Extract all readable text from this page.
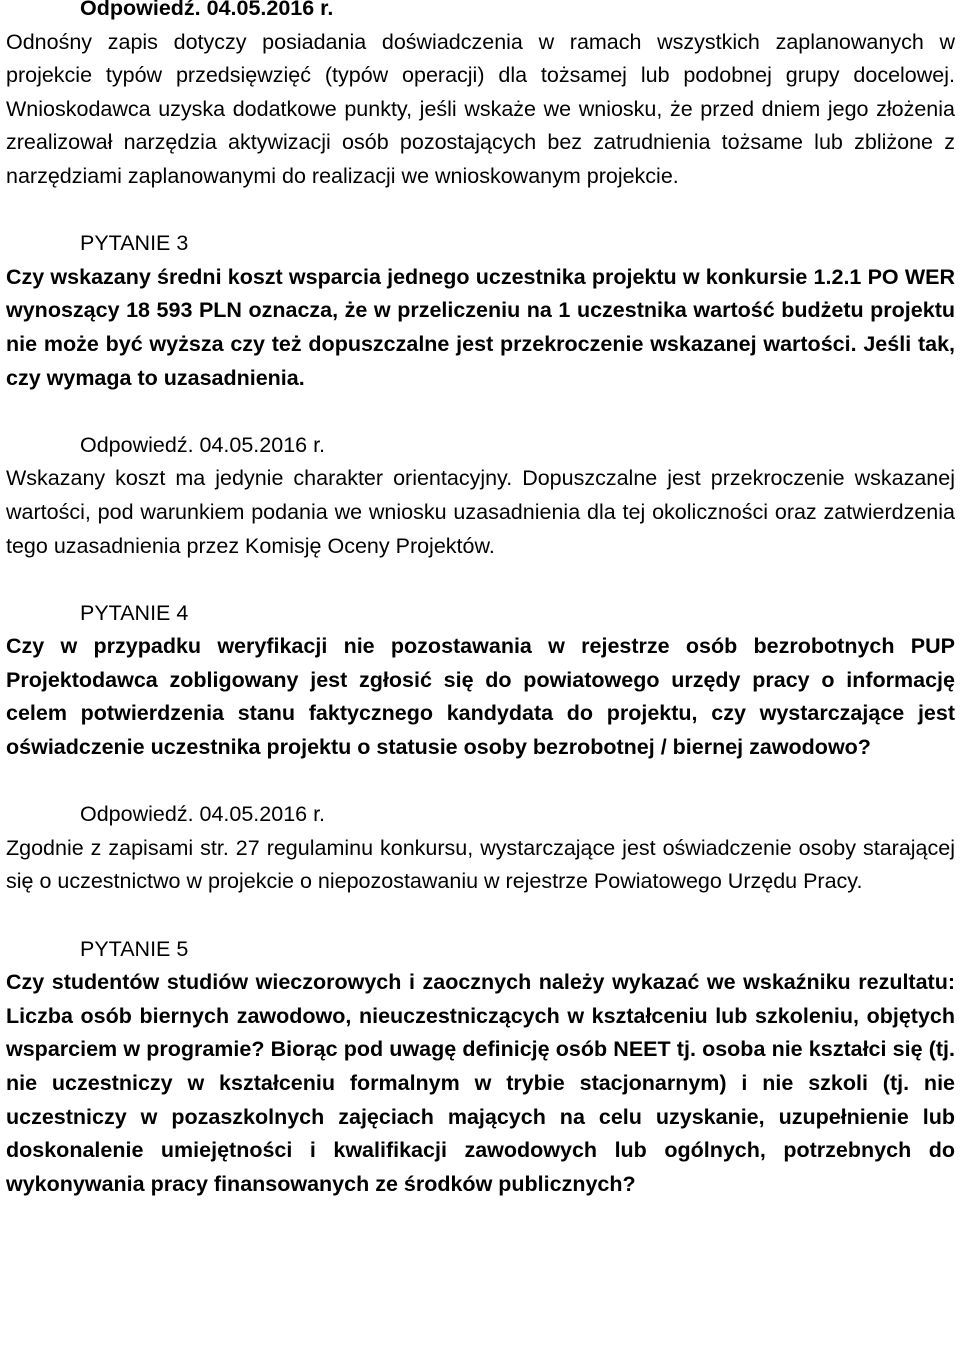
Odpowiedź. 04.05.2016 r.

Odnośny zapis dotyczy posiadania doświadczenia w ramach wszystkich zaplanowanych w projekcie typów przedsięwzięć (typów operacji) dla tożsamej lub podobnej grupy docelowej. Wnioskodawca uzyska dodatkowe punkty, jeśli wskaże we wniosku, że przed dniem jego złożenia zrealizował narzędzia aktywizacji osób pozostających bez zatrudnienia tożsame lub zbliżone z narzędziami zaplanowanymi do realizacji we wnioskowanym projekcie.

PYTANIE 3

Czy wskazany średni koszt wsparcia jednego uczestnika projektu w konkursie 1.2.1 PO WER wynoszący 18 593 PLN oznacza, że w przeliczeniu na 1 uczestnika wartość budżetu projektu nie może być wyższa czy też dopuszczalne jest przekroczenie wskazanej wartości. Jeśli tak, czy wymaga to uzasadnienia.

Odpowiedź. 04.05.2016 r.

Wskazany koszt ma jedynie charakter orientacyjny. Dopuszczalne jest przekroczenie wskazanej wartości, pod warunkiem podania we wniosku uzasadnienia dla tej okoliczności oraz zatwierdzenia tego uzasadnienia przez Komisję Oceny Projektów.

PYTANIE 4

Czy w przypadku weryfikacji nie pozostawania w rejestrze osób bezrobotnych PUP Projektodawca zobligowany jest zgłosić się do powiatowego urzędy pracy o informację celem potwierdzenia stanu faktycznego kandydata do projektu, czy wystarczające jest oświadczenie uczestnika projektu o statusie osoby bezrobotnej / biernej zawodowo?

Odpowiedź. 04.05.2016 r.

Zgodnie z zapisami str. 27 regulaminu konkursu, wystarczające jest oświadczenie osoby starającej się o uczestnictwo w projekcie o niepozostawaniu w rejestrze Powiatowego Urzędu Pracy.

PYTANIE 5

Czy studentów studiów wieczorowych i zaocznych należy wykazać we wskaźniku rezultatu: Liczba osób biernych zawodowo, nieuczestniczących w kształceniu lub szkoleniu, objętych wsparciem w programie? Biorąc pod uwagę definicję osób NEET tj. osoba nie kształci się (tj. nie uczestniczy w kształceniu formalnym w trybie stacjonarnym) i nie szkoli (tj. nie uczestniczy w pozaszkolnych zajęciach mających na celu uzyskanie, uzupełnienie lub doskonalenie umiejętności i kwalifikacji zawodowych lub ogólnych, potrzebnych do wykonywania pracy finansowanych ze środków publicznych?
